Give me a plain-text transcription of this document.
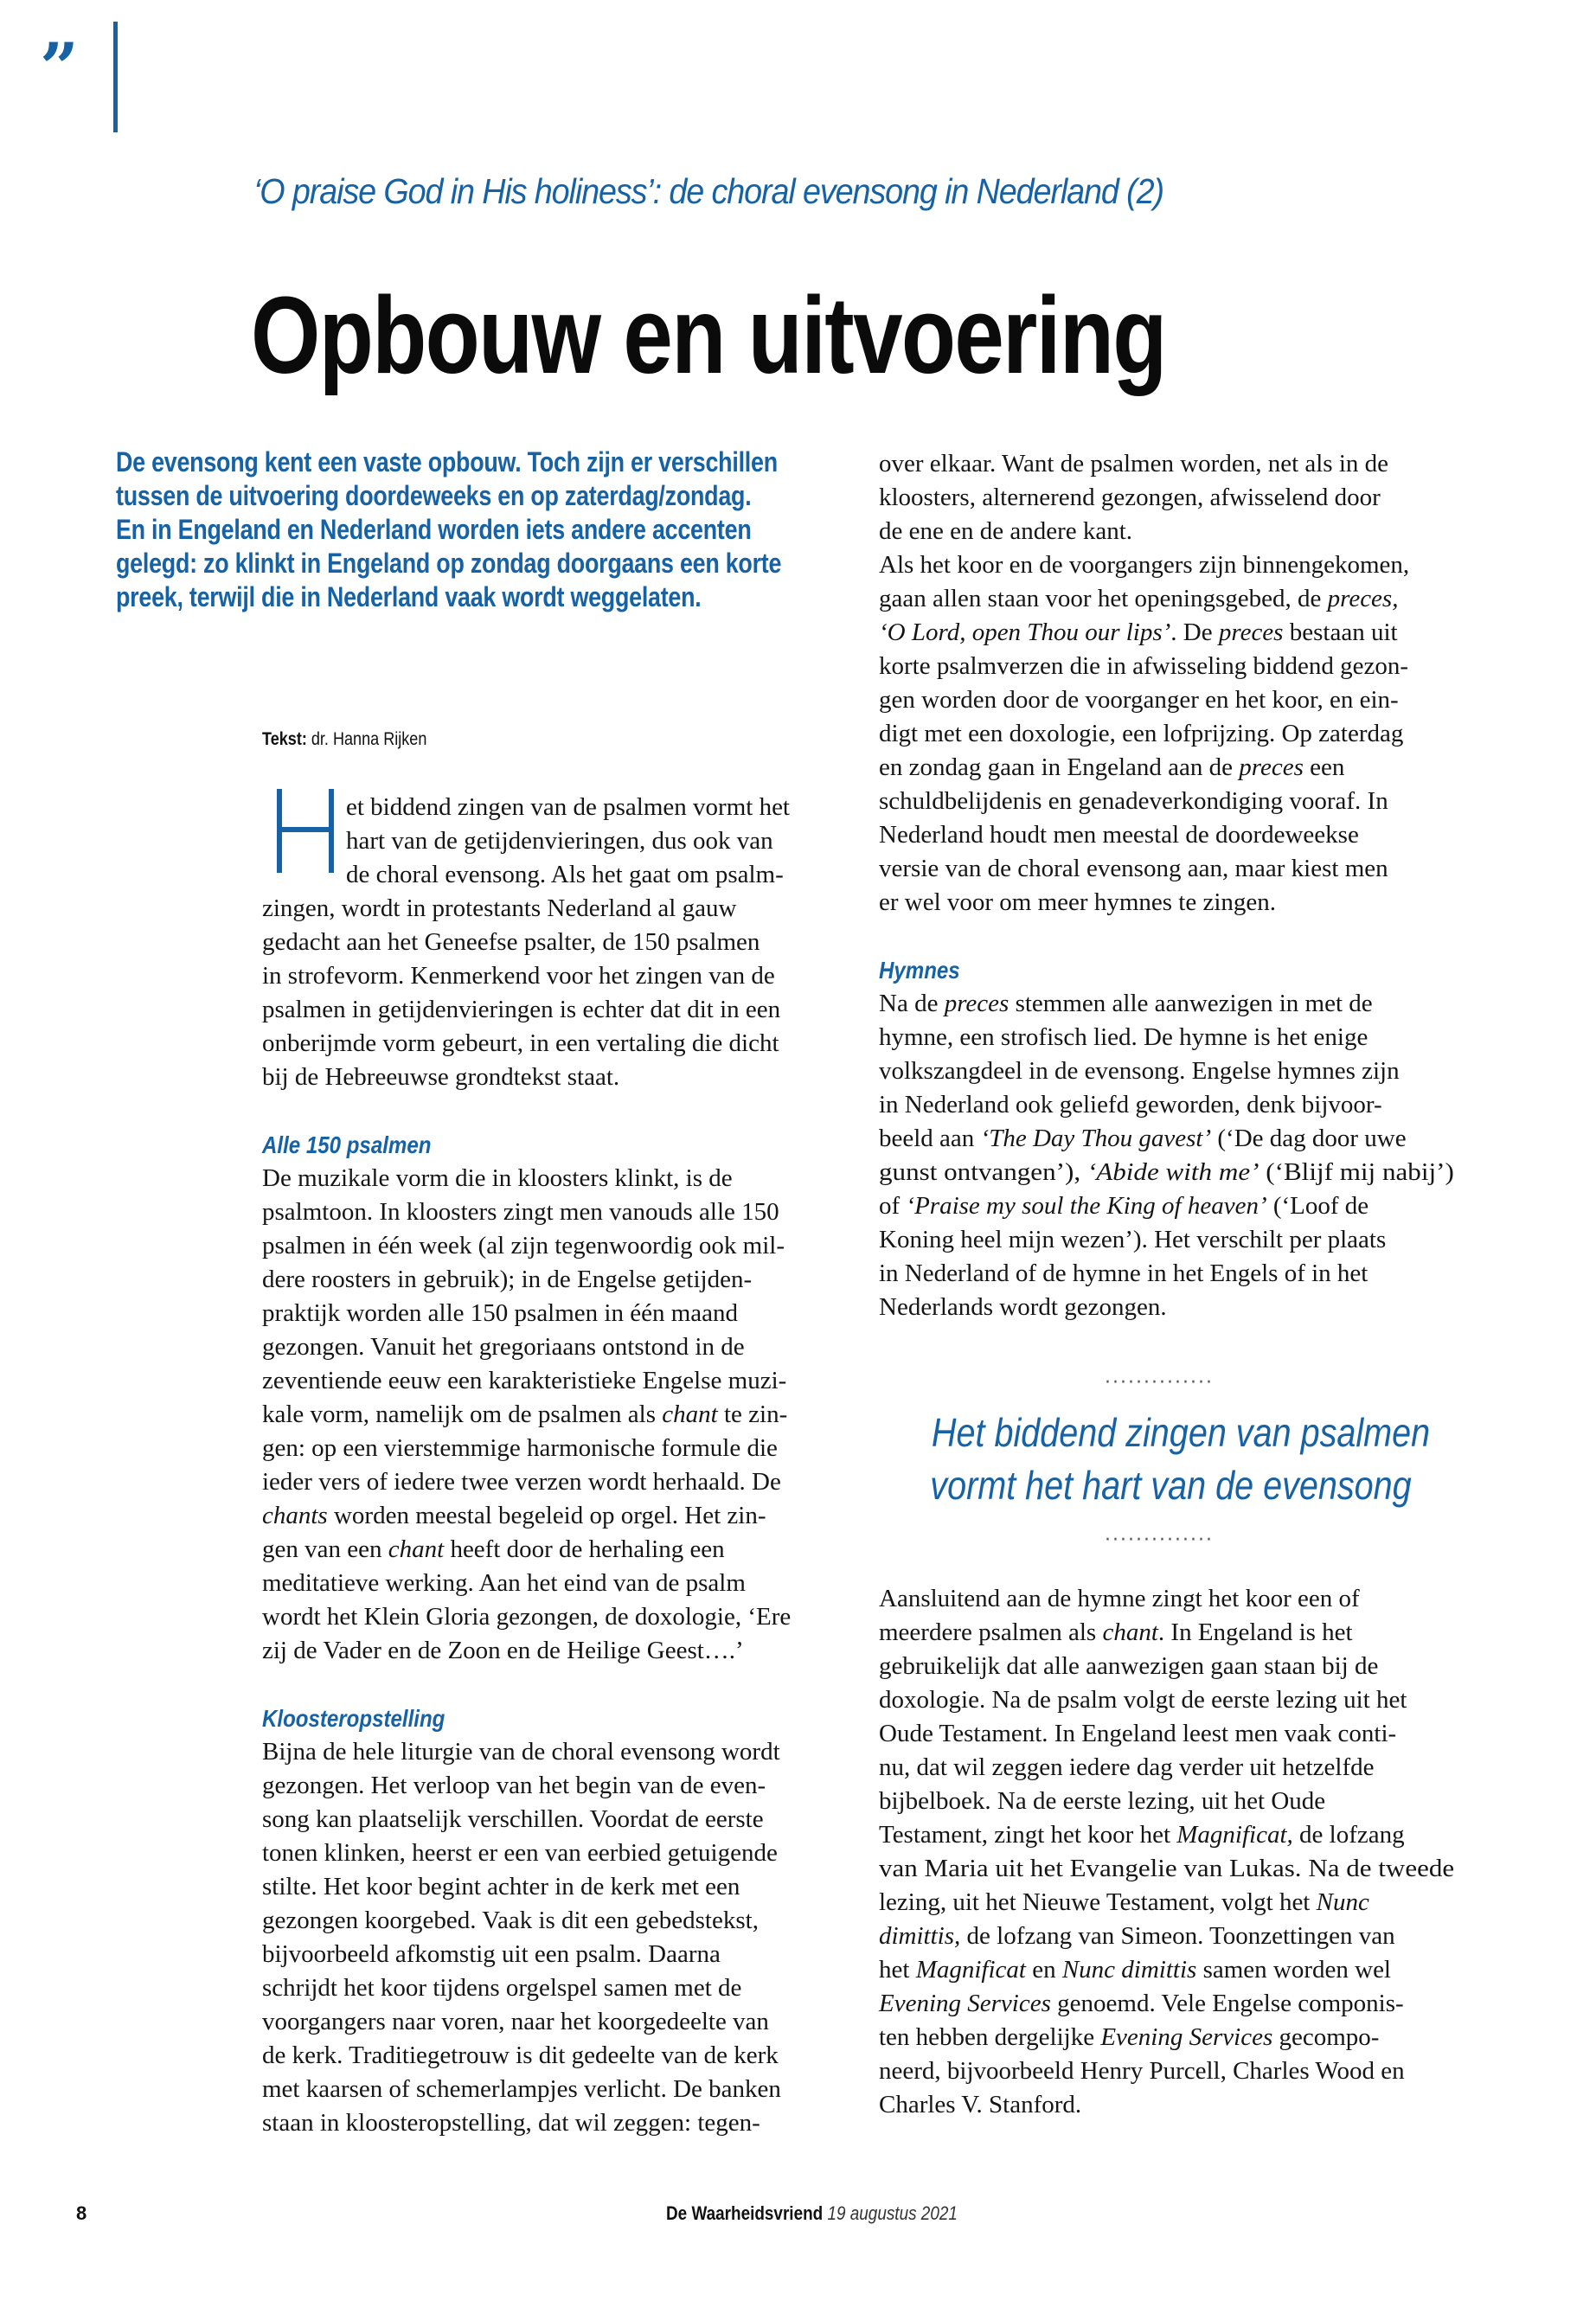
”
‘O praise God in His holiness’: de choral evensong in Nederland (2)
Opbouw en uitvoering
De evensong kent een vaste opbouw. Toch zijn er verschillen
tussen de uitvoering doordeweeks en op zaterdag/zondag.
En in Engeland en Nederland worden iets andere accenten
gelegd: zo klinkt in Engeland op zondag doorgaans een korte
preek, terwijl die in Nederland vaak wordt weggelaten.
Tekst: dr. Hanna Rijken
et biddend zingen van de psalmen vormt het
hart van de getijdenvieringen, dus ook van
de choral evensong. Als het gaat om psalm-
zingen, wordt in protestants Nederland al gauw
gedacht aan het Geneefse psalter, de 150 psalmen
in strofevorm. Kenmerkend voor het zingen van de
psalmen in getijdenvieringen is echter dat dit in een
onberijmde vorm gebeurt, in een vertaling die dicht
bij de Hebreeuwse grondtekst staat.
Alle 150 psalmen
De muzikale vorm die in kloosters klinkt, is de
psalmtoon. In kloosters zingt men vanouds alle 150
psalmen in één week (al zijn tegenwoordig ook mil-
dere roosters in gebruik); in de Engelse getijden-
praktijk worden alle 150 psalmen in één maand
gezongen. Vanuit het gregoriaans ontstond in de
zeventiende eeuw een karakteristieke Engelse muzi-
kale vorm, namelijk om de psalmen als chant te zin-
gen: op een vierstemmige harmonische formule die
ieder vers of iedere twee verzen wordt herhaald. De
chants worden meestal begeleid op orgel. Het zin-
gen van een chant heeft door de herhaling een
meditatieve werking. Aan het eind van de psalm
wordt het Klein Gloria gezongen, de doxologie, ‘Ere
zij de Vader en de Zoon en de Heilige Geest….’
Kloosteropstelling
Bijna de hele liturgie van de choral evensong wordt
gezongen. Het verloop van het begin van de even-
song kan plaatselijk verschillen. Voordat de eerste
tonen klinken, heerst er een van eerbied getuigende
stilte. Het koor begint achter in de kerk met een
gezongen koorgebed. Vaak is dit een gebedstekst,
bijvoorbeeld afkomstig uit een psalm. Daarna
schrijdt het koor tijdens orgelspel samen met de
voorgangers naar voren, naar het koorgedeelte van
de kerk. Traditiegetrouw is dit gedeelte van de kerk
met kaarsen of schemerlampjes verlicht. De banken
staan in kloosteropstelling, dat wil zeggen: tegen-
over elkaar. Want de psalmen worden, net als in de
kloosters, alternerend gezongen, afwisselend door
de ene en de andere kant.
Als het koor en de voorgangers zijn binnengekomen,
gaan allen staan voor het openingsgebed, de preces,
‘O Lord, open Thou our lips’. De preces bestaan uit
korte psalmverzen die in afwisseling biddend gezon-
gen worden door de voorganger en het koor, en ein-
digt met een doxologie, een lofprijzing. Op zaterdag
en zondag gaan in Engeland aan de preces een
schuldbelijdenis en genadeverkondiging vooraf. In
Nederland houdt men meestal de doordeweekse
versie van de choral evensong aan, maar kiest men
er wel voor om meer hymnes te zingen.
Hymnes
Na de preces stemmen alle aanwezigen in met de
hymne, een strofisch lied. De hymne is het enige
volkszangdeel in de evensong. Engelse hymnes zijn
in Nederland ook geliefd geworden, denk bijvoor-
beeld aan ‘The Day Thou gavest’ (‘De dag door uwe
gunst ontvangen’), ‘Abide with me’ (‘Blijf mij nabij’)
of ‘Praise my soul the King of heaven’ (‘Loof de
Koning heel mijn wezen’). Het verschilt per plaats
in Nederland of de hymne in het Engels of in het
Nederlands wordt gezongen.
··············
Het biddend zingen van psalmen
vormt het hart van de evensong
··············
Aansluitend aan de hymne zingt het koor een of
meerdere psalmen als chant. In Engeland is het
gebruikelijk dat alle aanwezigen gaan staan bij de
doxologie. Na de psalm volgt de eerste lezing uit het
Oude Testament. In Engeland leest men vaak conti-
nu, dat wil zeggen iedere dag verder uit hetzelfde
bijbelboek. Na de eerste lezing, uit het Oude
Testament, zingt het koor het Magnificat, de lofzang
van Maria uit het Evangelie van Lukas. Na de tweede
lezing, uit het Nieuwe Testament, volgt het Nunc
dimittis, de lofzang van Simeon. Toonzettingen van
het Magnificat en Nunc dimittis samen worden wel
Evening Services genoemd. Vele Engelse componis-
ten hebben dergelijke Evening Services gecompo-
neerd, bijvoorbeeld Henry Purcell, Charles Wood en
Charles V. Stanford.
8	De Waarheidsvriend 19 augustus 2021
